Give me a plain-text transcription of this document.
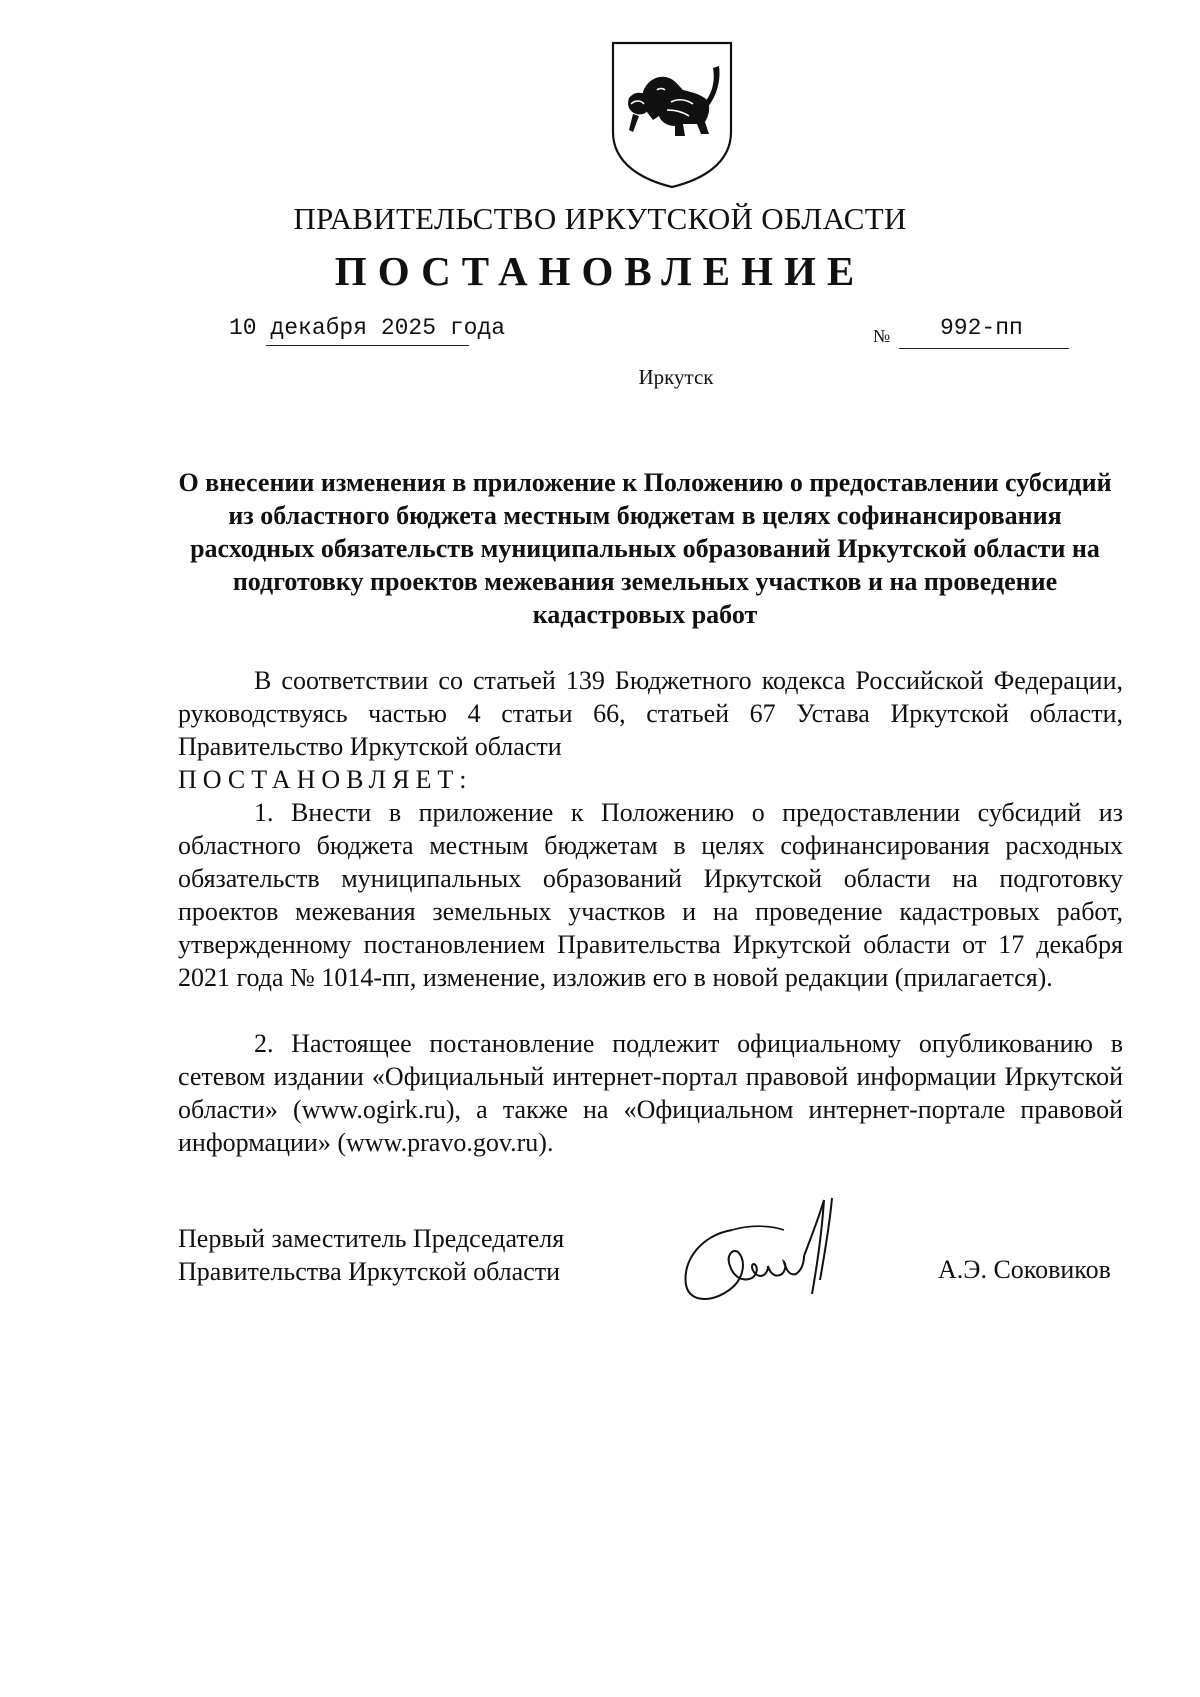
ПРАВИТЕЛЬСТВО ИРКУТСКОЙ ОБЛАСТИ
ПОСТАНОВЛЕНИЕ
10 декабря 2025 года	№ 992-пп
Иркутск
О внесении изменения в приложение к Положению о предоставлении субсидий из областного бюджета местным бюджетам в целях софинансирования расходных обязательств муниципальных образований Иркутской области на подготовку проектов межевания земельных участков и на проведение кадастровых работ
В соответствии со статьей 139 Бюджетного кодекса Российской Федерации, руководствуясь частью 4 статьи 66, статьей 67 Устава Иркутской области, Правительство Иркутской области
ПОСТАНОВЛЯЕТ:
1. Внести в приложение к Положению о предоставлении субсидий из областного бюджета местным бюджетам в целях софинансирования расходных обязательств муниципальных образований Иркутской области на подготовку проектов межевания земельных участков и на проведение кадастровых работ, утвержденному постановлением Правительства Иркутской области от 17 декабря 2021 года № 1014-пп, изменение, изложив его в новой редакции (прилагается).
2. Настоящее постановление подлежит официальному опубликованию в сетевом издании «Официальный интернет-портал правовой информации Иркутской области» (www.ogirk.ru), а также на «Официальном интернет-портале правовой информации» (www.pravo.gov.ru).
Первый заместитель Председателя
Правительства Иркутской области	А.Э. Соковиков
